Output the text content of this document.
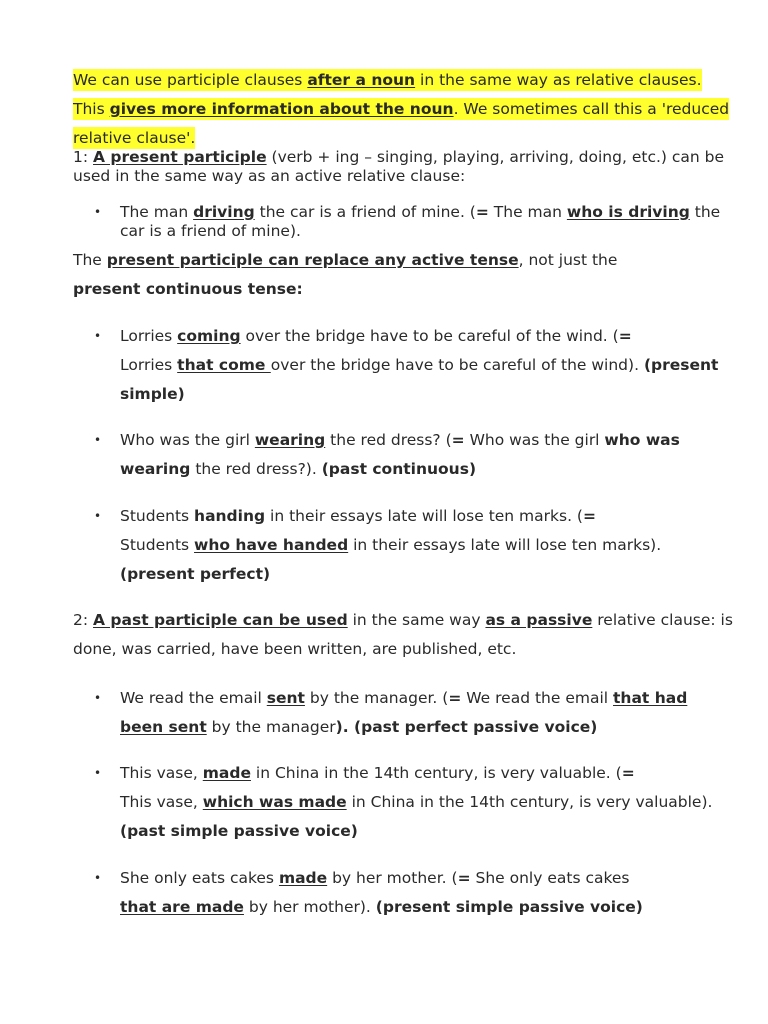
We can use participle clauses after a noun in the same way as relative clauses. This gives more information about the noun. We sometimes call this a 'reduced relative clause'.
1: A present participle (verb + ing – singing, playing, arriving, doing, etc.) can be used in the same way as an active relative clause:
• The man driving the car is a friend of mine. (= The man who is driving the car is a friend of mine).
The present participle can replace any active tense, not just the
present continuous tense:
• Lorries coming over the bridge have to be careful of the wind. (=
Lorries that come over the bridge have to be careful of the wind). (present simple)
• Who was the girl wearing the red dress? (= Who was the girl who was wearing the red dress?). (past continuous)
• Students handing in their essays late will lose ten marks. (=
Students who have handed in their essays late will lose ten marks). (present perfect)
2: A past participle can be used in the same way as a passive relative clause: is done, was carried, have been written, are published, etc.
• We read the email sent by the manager. (= We read the email that had been sent by the manager). (past perfect passive voice)
• This vase, made in China in the 14th century, is very valuable. (=
This vase, which was made in China in the 14th century, is very valuable). (past simple passive voice)
• She only eats cakes made by her mother. (= She only eats cakes
that are made by her mother). (present simple passive voice)
